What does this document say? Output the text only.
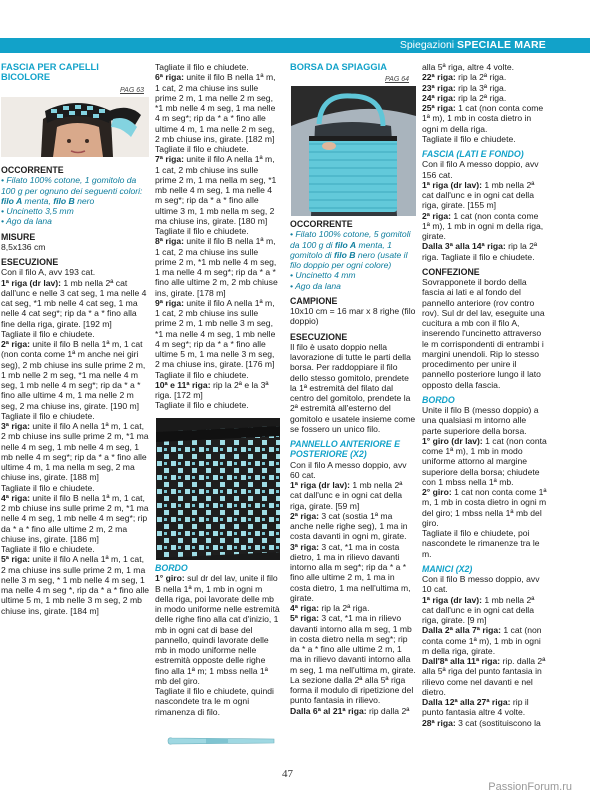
Spiegazioni SPECIALE MARE
FASCIA PER CAPELLI BICOLORE
PAG 63
OCCORRENTE

• Filato 100% cotone, 1 gomitolo da 100 g per ognuno dei seguenti colori: filo A menta, filo B nero

• Uncinetto 3,5 mm

• Ago da lana

MISURE

8,5x136 cm

ESECUZIONE

Con il filo A, avv 193 cat.

1ª riga (dr lav): 1 mb nella 2ª cat dall'unc e nelle 3 cat seg, 1 ma nelle 4 cat seg, *1 mb nelle 4 cat seg, 1 ma nelle 4 cat seg*; rip da * a * fino alla fine della riga, girate. [192 m]

Tagliate il filo e chiudete.

2ª riga: unite il filo B nella 1ª m, 1 cat (non conta come 1ª m anche nei giri seg), 2 mb chiuse ins sulle prime 2 m, 1 mb nelle 2 m seg, *1 ma nelle 4 m seg, 1 mb nelle 4 m seg*; rip da * a * fino alle ultime 4 m, 1 ma nelle 2 m seg, 2 ma chiuse ins, girate. [190 m]

Tagliate il filo e chiudete.

3ª riga: unite il filo A nella 1ª m, 1 cat, 2 mb chiuse ins sulle prime 2 m, *1 ma nelle 4 m seg, 1 mb nelle 4 m seg, 1 mb nelle 4 m seg*; rip da * a * fino alle ultime 4 m, 1 ma nella m seg, 2 ma chiuse ins, girate. [188 m]

Tagliate il filo e chiudete.

4ª riga: unite il filo B nella 1ª m, 1 cat, 2 mb chiuse ins sulle prime 2 m, *1 ma nelle 4 m seg, 1 mb nelle 4 m seg*; rip da * a * fino alle ultime 2 m, 2 ma chiuse ins, girate. [186 m]

Tagliate il filo e chiudete.

5ª riga: unite il filo A nella 1ª m, 1 cat, 2 ma chiuse ins sulle prime 2 m, 1 ma nelle 3 m seg, * 1 mb nelle 4 m seg, 1 ma nelle 4 m seg *, rip da * a * fino alle ultime 5 m, 1 mb nelle 3 m seg, 2 mb chiuse ins, girate. [184 m]

Tagliate il filo e chiudete.

6ª riga: unite il filo B nella 1ª m, 1 cat, 2 ma chiuse ins sulle prime 2 m, 1 ma nelle 2 m seg, *1 mb nelle 4 m seg, 1 ma nelle 4 m seg*; rip da * a * fino alle ultime 4 m, 1 ma nelle 2 m seg, 2 mb chiuse ins, girate. [182 m]

Tagliate il filo e chiudete.

7ª riga: unite il filo A nella 1ª m, 1 cat, 2 mb chiuse ins sulle prime 2 m, 1 ma nella m seg, *1 mb nelle 4 m seg, 1 ma nelle 4 m seg*; rip da * a * fino alle ultime 3 m, 1 mb nella m seg, 2 ma chiuse ins, girate. [180 m]

Tagliate il filo e chiudete.

8ª riga: unite il filo B nella 1ª m, 1 cat, 2 ma chiuse ins sulle prime 2 m, *1 mb nelle 4 m seg, 1 ma nelle 4 m seg*; rip da * a * fino alle ultime 2 m, 2 mb chiuse ins, girate. [178 m]

9ª riga: unite il filo A nella 1ª m, 1 cat, 2 mb chiuse ins sulle prime 2 m, 1 mb nelle 3 m seg, *1 ma nelle 4 m seg, 1 mb nelle 4 m seg*; rip da * a * fino alle ultime 5 m, 1 ma nelle 3 m seg, 2 ma chiuse ins, girate. [176 m]

Tagliate il filo e chiudete.

10ª e 11ª riga: rip la 2ª e la 3ª riga. [172 m]

Tagliate il filo e chiudete.

BORDO

1° giro: sul dr del lav, unite il filo B nella 1ª m, 1 mb in ogni m della riga, poi lavorate delle mb in modo uniforme nelle estremità delle righe fino alla cat d'inizio, 1 mb in ogni cat di base del pannello, quindi lavorate delle mb in modo uniforme nelle estremità opposte delle righe fino alla 1ª m; 1 mbss nella 1ª mb del giro.

Tagliate il filo e chiudete, quindi nascondete tra le m ogni rimanenza di filo.

BORSA DA SPIAGGIA
PAG 64
OCCORRENTE

• Filato 100% cotone, 5 gomitoli da 100 g di filo A menta, 1 gomitolo di filo B nero (usate il filo doppio per ogni colore)

• Uncinetto 4 mm

• Ago da lana

CAMPIONE

10x10 cm = 16 mar x 8 righe (filo doppio)

ESECUZIONE

Il filo è usato doppio nella lavorazione di tutte le parti della borsa. Per raddoppiare il filo dello stesso gomitolo, prendete la 1ª estremità del filato dal centro del gomitolo, prendete la 2ª estremità all'esterno del gomitolo e usatele insieme come se fossero un unico filo.

PANNELLO ANTERIORE E POSTERIORE (X2)

Con il filo A messo doppio, avv 60 cat.

1ª riga (dr lav): 1 mb nella 2ª cat dall'unc e in ogni cat della riga, girate. [59 m]

2ª riga: 3 cat (sostia 1ª ma anche nelle righe seg), 1 ma in costa davanti in ogni m, girate.

3ª riga: 3 cat, *1 ma in costa dietro, 1 ma in rilievo davanti intorno alla m seg*; rip da * a * fino alle ultime 2 m, 1 ma in costa dietro, 1 ma nell'ultima m, girate.

4ª riga: rip la 2ª riga.

5ª riga: 3 cat, *1 ma in rilievo davanti intorno alla m seg, 1 mb in costa dietro nella m seg*; rip da * a * fino alle ultime 2 m, 1 ma in rilievo davanti intorno alla m seg, 1 ma nell'ultima m, girate.

La sezione dalla 2ª alla 5ª riga forma il modulo di ripetizione del punto fantasia in rilievo.

Dalla 6ª al 21ª riga: rip dalla 2ª

alla 5ª riga, altre 4 volte.

22ª riga: rip la 2ª riga.

23ª riga: rip la 3ª riga.

24ª riga: rip la 2ª riga.

25ª riga: 1 cat (non conta come 1ª m), 1 mb in costa dietro in ogni m della riga.

Tagliate il filo e chiudete.

FASCIA (LATI E FONDO)

Con il filo A messo doppio, avv 156 cat.

1ª riga (dr lav): 1 mb nella 2ª cat dall'unc e in ogni cat della riga, girate. [155 m]

2ª riga: 1 cat (non conta come 1ª m), 1 mb in ogni m della riga, girate.

Dalla 3ª alla 14ª riga: rip la 2ª riga. Tagliate il filo e chiudete.

CONFEZIONE

Sovrapponete il bordo della fascia ai lati e al fondo del pannello anteriore (rov contro rov). Sul dr del lav, eseguite una cucitura a mb con il filo A, inserendo l'uncinetto attraverso le m corrispondenti di entrambi i margini unendoli. Rip lo stesso procedimento per unire il pannello posteriore lungo il lato opposto della fascia.

BORDO

Unite il filo B (messo doppio) a una qualsiasi m intorno alle parte superiore della borsa.

1° giro (dr lav): 1 cat (non conta come 1ª m), 1 mb in modo uniforme attorno al margine superiore della borsa; chiudete con 1 mbss nella 1ª mb.

2° giro: 1 cat non conta come 1ª m, 1 mb in costa dietro in ogni m del giro; 1 mbss nella 1ª mb del giro.

Tagliate il filo e chiudete, poi nascondete le rimanenze tra le m.

MANICI (X2)

Con il filo B messo doppio, avv 10 cat.

1ª riga (dr lav): 1 mb nella 2ª cat dall'unc e in ogni cat della riga, girate. [9 m]

Dalla 2ª alla 7ª riga: 1 cat (non conta come 1ª m), 1 mb in ogni m della riga, girate.

Dall'8ª alla 11ª riga: rip. dalla 2ª alla 5ª riga del punto fantasia in rilievo come nel davanti e nel dietro.

Dalla 12ª alla 27ª riga: rip il punto fantasia altre 4 volte.

28ª riga: 3 cat (sostituiscono la

47
PassionForum.ru
